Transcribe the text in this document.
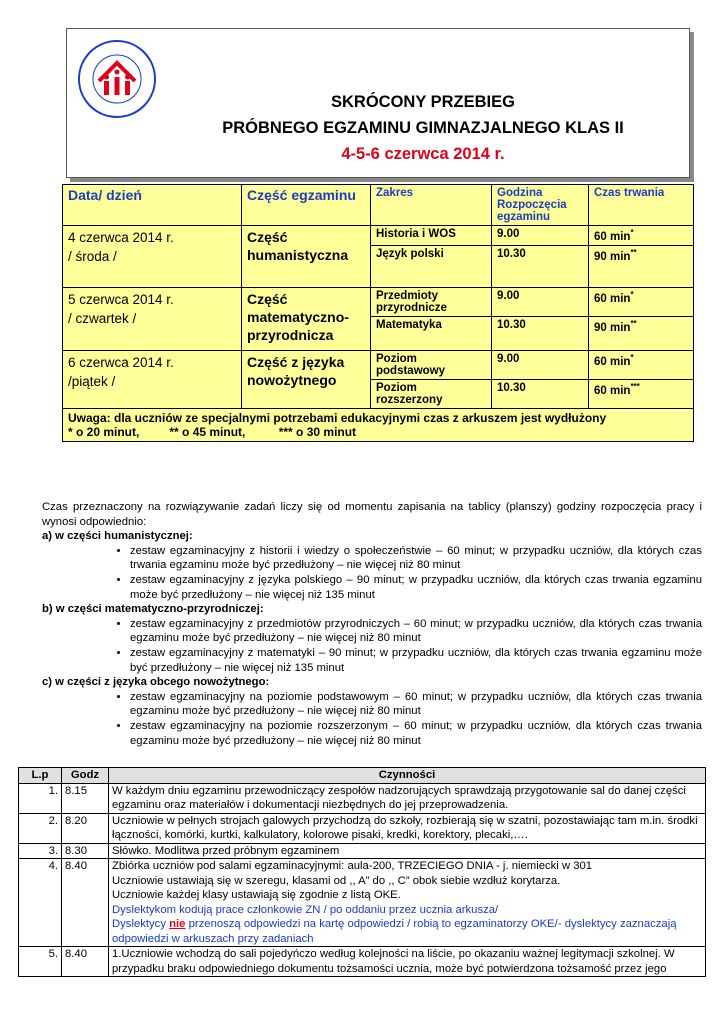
SKRÓCONY PRZEBIEG
PRÓBNEGO EGZAMINU GIMNAZJALNEGO KLAS II
4-5-6 czerwca 2014 r.
Data/ dzień	Część egzaminu	Zakres	Godzina Rozpoczęcia egzaminu	Czas trwania
4 czerwca 2014 r.
/ środa /	Część humanistyczna	Historia i WOS	9.00	60 min*
		Język polski	10.30	90 min**
5 czerwca 2014 r.
/ czwartek /	Część matematyczno-przyrodnicza	Przedmioty przyrodnicze	9.00	60 min*
		Matematyka	10.30	90 min**
6 czerwca 2014 r.
/piątek /	Część z języka nowożytnego	Poziom podstawowy	9.00	60 min*
		Poziom rozszerzony	10.30	60 min***
Uwaga: dla uczniów ze specjalnymi potrzebami edukacyjnymi czas z arkuszem jest wydłużony
* o 20 minut,         ** o 45 minut,          *** o 30 minut				

Czas przeznaczony na rozwiązywanie zadań liczy się od momentu zapisania na tablicy (planszy) godziny rozpoczęcia pracy i wynosi odpowiednio:

a) w części humanistycznej:

• zestaw egzaminacyjny z historii i wiedzy o społeczeństwie – 60 minut; w przypadku uczniów, dla których czas trwania egzaminu może być przedłużony – nie więcej niż 80 minut
• zestaw egzaminacyjny z języka polskiego – 90 minut; w przypadku uczniów, dla których czas trwania egzaminu może być przedłużony – nie więcej niż 135 minut

b) w części matematyczno-przyrodniczej:

• zestaw egzaminacyjny z przedmiotów przyrodniczych – 60 minut; w przypadku uczniów, dla których czas trwania egzaminu może być przedłużony – nie więcej niż 80 minut
• zestaw egzaminacyjny z matematyki – 90 minut; w przypadku uczniów, dla których czas trwania egzaminu może być przedłużony – nie więcej niż 135 minut

c) w części z języka obcego nowożytnego:

• zestaw egzaminacyjny na poziomie podstawowym – 60 minut; w przypadku uczniów, dla których czas trwania egzaminu może być przedłużony – nie więcej niż 80 minut
• zestaw egzaminacyjny na poziomie rozszerzonym – 60 minut; w przypadku uczniów, dla których czas trwania egzaminu może być przedłużony – nie więcej niż 80 minut
L.p	Godz	Czynności
1.	8.15	W każdym dniu egzaminu przewodniczący zespołów nadzorujących sprawdzają przygotowanie sal do danej części egzaminu oraz materiałów i dokumentacji niezbędnych do jej przeprowadzenia.
2.	8.20	Uczniowie w pełnych strojach galowych przychodzą do szkoły, rozbierają się w szatni, pozostawiając tam m.in. środki łączności, komórki, kurtki, kalkulatory, kolorowe pisaki, kredki, korektory, plecaki,….
3.	8.30	Słówko. Modlitwa przed próbnym egzaminem
4.	8.40	Zbiórka uczniów pod salami egzaminacyjnymi: aula-200, TRZECIEGO DNIA - j. niemiecki w 301
Uczniowie ustawiają się w szeregu, klasami od ,, A” do ,, C” obok siebie wzdłuż korytarza.
Uczniowie każdej klasy ustawiają się zgodnie z listą OKE.
Dyslektykom kodują prace członkowie ZN / po oddaniu przez ucznia arkusza/
Dyslektycy nie przenoszą odpowiedzi na kartę odpowiedzi / robią to egzaminatorzy OKE/- dyslektycy zaznaczają odpowiedzi w arkuszach przy zadaniach

5.	8.40	1.Uczniowie wchodzą do sali pojedyńczo według kolejności na liście, po okazaniu ważnej legitymacji szkolnej. W przypadku braku odpowiedniego dokumentu tożsamości ucznia, może być potwierdzona tożsamość przez jego
